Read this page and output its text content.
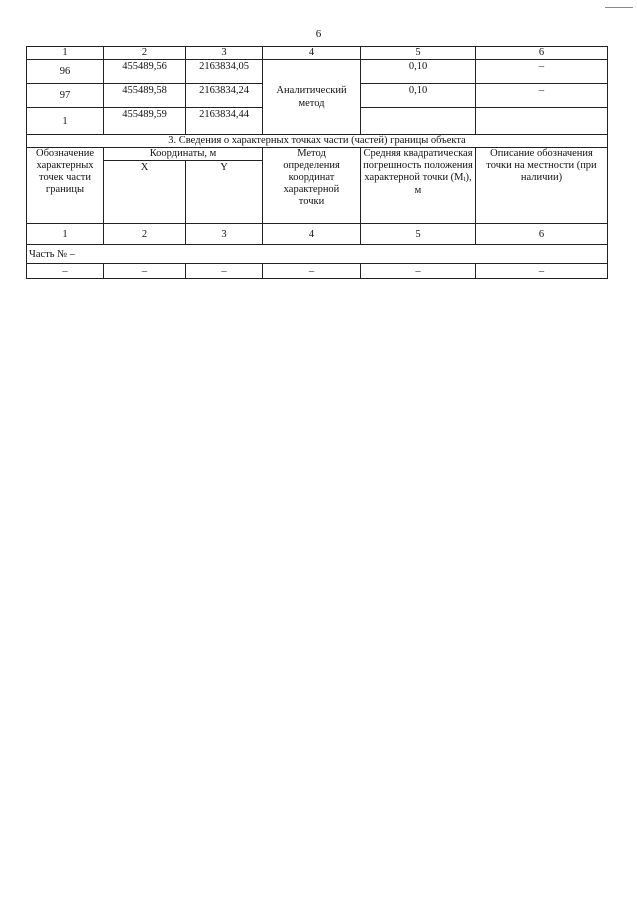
6
1	2	3	4	5	6
96	455489,56	2163834,05	Аналитический метод	0,10	–
97	455489,58	2163834,24		0,10	–
1	455489,59	2163834,44			
3. Сведения о характерных точках части (частей) границы объекта					
Обозначение характерных точек части границы	Координаты, м		Метод определения координат характерной точки	Средняя квадратическая погрешность положения характерной точки (Mt), м	Описание обозначения точки на местности (при наличии)
	X	Y			
1	2	3	4	5	6
Часть № –					
–	–	–	–	–	–
